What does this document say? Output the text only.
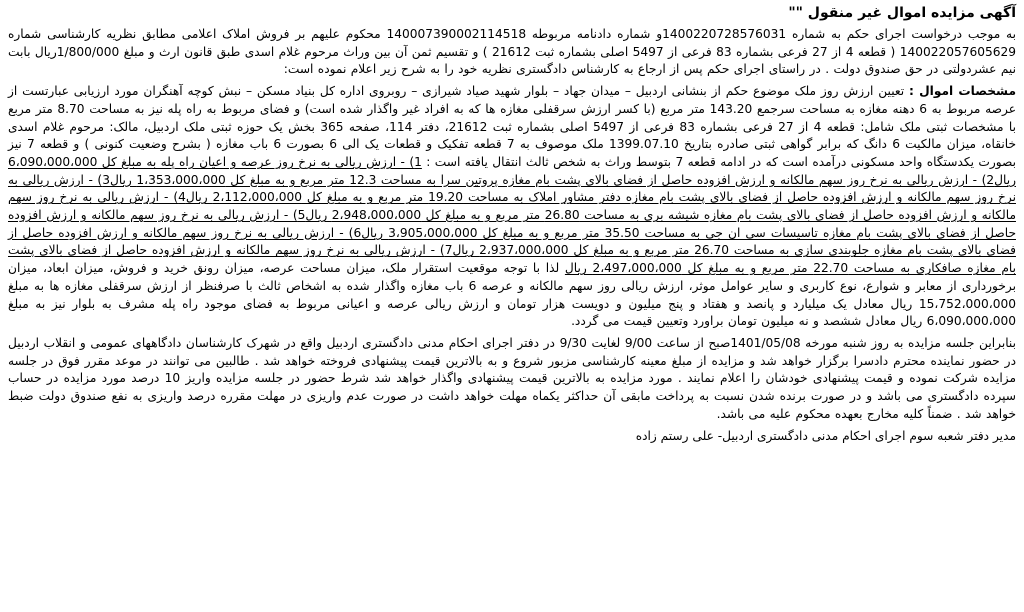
آگهی مزایده اموال غیر منقول ""

به موجب درخواست اجرای حکم به شماره 1400220728576031و شماره دادنامه مربوطه 140007390002114518 محکوم علیهم بر فروش املاک اعلامی مطابق نظریه کارشناسی شماره 140022057605629 ( قطعه 4 از 27 فرعی بشماره 83 فرعی از 5497 اصلی بشماره ثبت 21612 ) و تقسیم ثمن آن بین وراث مرحوم غلام اسدی طبق قانون ارث و مبلغ 1/800/000ریال بابت نیم عشردولتی در حق صندوق دولت . در راستای اجرای حکم پس از ارجاع به کارشناس دادگستری نظریه خود را به شرح زیر اعلام نموده است:

مشخصات اموال : تعیین ارزش روز ملک موضوع حکم از بنشانی اردبیل – میدان جهاد – بلوار شهید صیاد شیرازی – روبروی اداره کل بنیاد مسکن – نبش کوچه آهنگران مورد ارزیابی عبارتست از عرصه مربوط به 6 دهنه مغازه به مساحت سرجمع 143.20 متر مربع (با کسر ارزش سرقفلی مغازه ها که به افراد غیر واگذار شده است) و فضای مربوط به راه پله نیز به مساحت 8.70 متر مربع با مشخصات ثبتی ملک شامل: قطعه 4 از 27 فرعی بشماره 83 فرعی از 5497 اصلی بشماره ثبت 21612، دفتر 114، صفحه 365 بخش یک حوزه ثبتی ملک اردبیل، مالک: مرحوم غلام اسدی خانقاه، میزان مالکیت 6 دانگ که برابر گواهی ثبتی صادره بتاریخ 1399.07.10 ملک موصوف به 7 قطعه تفکیک و قطعات یک الی 6 بصورت 6 باب مغازه ( بشرح وضعیت کنونی ) و قطعه 7 نیز بصورت یکدستگاه واحد مسکونی درآمده است که در ادامه قطعه 7 بتوسط وراث به شخص ثالث انتقال یافته است : 1) - ارزش ریالی به نرخ روز عرصه و اعیان راه پله به مبلغ کل 6،090،000،000 ریال2) - ارزش ریالی به نرخ روز سهم مالکانه و ارزش افزوده حاصل از فضای بالای پشت بام مغازه پروتین سرا به مساحت 12.3 متر مربع و به مبلغ کل 1،353،000،000 ریال3) - ارزش ریالی به نرخ روز سهم مالکانه و ارزش افزوده حاصل از فضای بالای پشت بام مغازه دفتر مشاور املاک به مساحت 19.20 متر مربع و به مبلغ کل 2،112،000،000 ریال4) - ارزش ریالی به نرخ روز سهم مالکانه و ارزش افزوده حاصل از فضای بالای پشت بام مغازه شیشه بری به مساحت 26.80 متر مربع و به مبلغ کل 2،948،000،000 ریال5) - ارزش ریالی به نرخ روز سهم مالکانه و ارزش افزوده حاصل از فضای بالای پشت بام مغازه تاسیسات سی ان جی به مساحت 35.50 متر مربع و به مبلغ کل 3،905،000،000 ریال6) - ارزش ریالی به نرخ روز سهم مالکانه و ارزش افزوده حاصل از فضای بالای پشت بام مغازه جلوبندی سازی به مساحت 26.70 متر مربع و به مبلغ کل 2،937،000،000 ریال7) - ارزش ریالی به نرخ روز سهم مالکانه و ارزش افزوده حاصل از فضای بالای پشت بام مغازه صافکاری به مساحت 22.70 متر مربع و به مبلغ کل 2،497،000،000 ریال لذا با توجه موقعیت استقرار ملک، میزان مساحت عرصه، میزان رونق خرید و فروش، میزان ابعاد، میزان برخورداری از معابر و شوارع، نوع کاربری و سایر عوامل موثر، ارزش ریالی روز سهم مالکانه و عرصه 6 باب مغازه واگذار شده به اشخاص ثالث با صرفنظر از ارزش سرقفلی مغازه ها به مبلغ 15،752،000،000 ریال معادل یک میلیارد و پانصد و هفتاد و پنج میلیون و دویست هزار تومان و ارزش ریالی عرصه و اعیانی مربوط به فضای موجود راه پله مشرف به بلوار نیز به مبلغ 6،090،000،000 ریال معادل ششصد و نه میلیون تومان براورد وتعیین قیمت می گردد.

بنابراین جلسه مزایده به روز شنبه مورخه 1401/05/08صبح از ساعت 9/00 لغایت 9/30 در دفتر اجرای احکام مدنی دادگستری اردبیل واقع در شهرک کارشناسان دادگاههای عمومی و انقلاب اردبیل در حضور نماینده محترم دادسرا برگزار خواهد شد و مزایده از مبلغ معینه کارشناسی مزبور شروع و به بالاترین قیمت پیشنهادی فروخته خواهد شد . طالبین می توانند در موعد مقرر فوق در جلسه مزایده شرکت نموده و قیمت پیشنهادی خودشان را اعلام نمایند . مورد مزایده به بالاترین قیمت پیشنهادی واگذار خواهد شد شرط حضور در جلسه مزایده واریز 10 درصد مورد مزایده در حساب سپرده دادگستری می باشد و در صورت برنده شدن نسبت به پرداخت مابقی آن حداکثر یکماه مهلت خواهد داشت در صورت عدم واریزی در مهلت مقرره درصد واریزی به نفع صندوق دولت ضبط خواهد شد . ضمناً کلیه مخارج بعهده محکوم علیه می باشد.

مدیر دفتر شعبه سوم اجرای احکام مدنی دادگستری اردبیل- علی رستم زاده
